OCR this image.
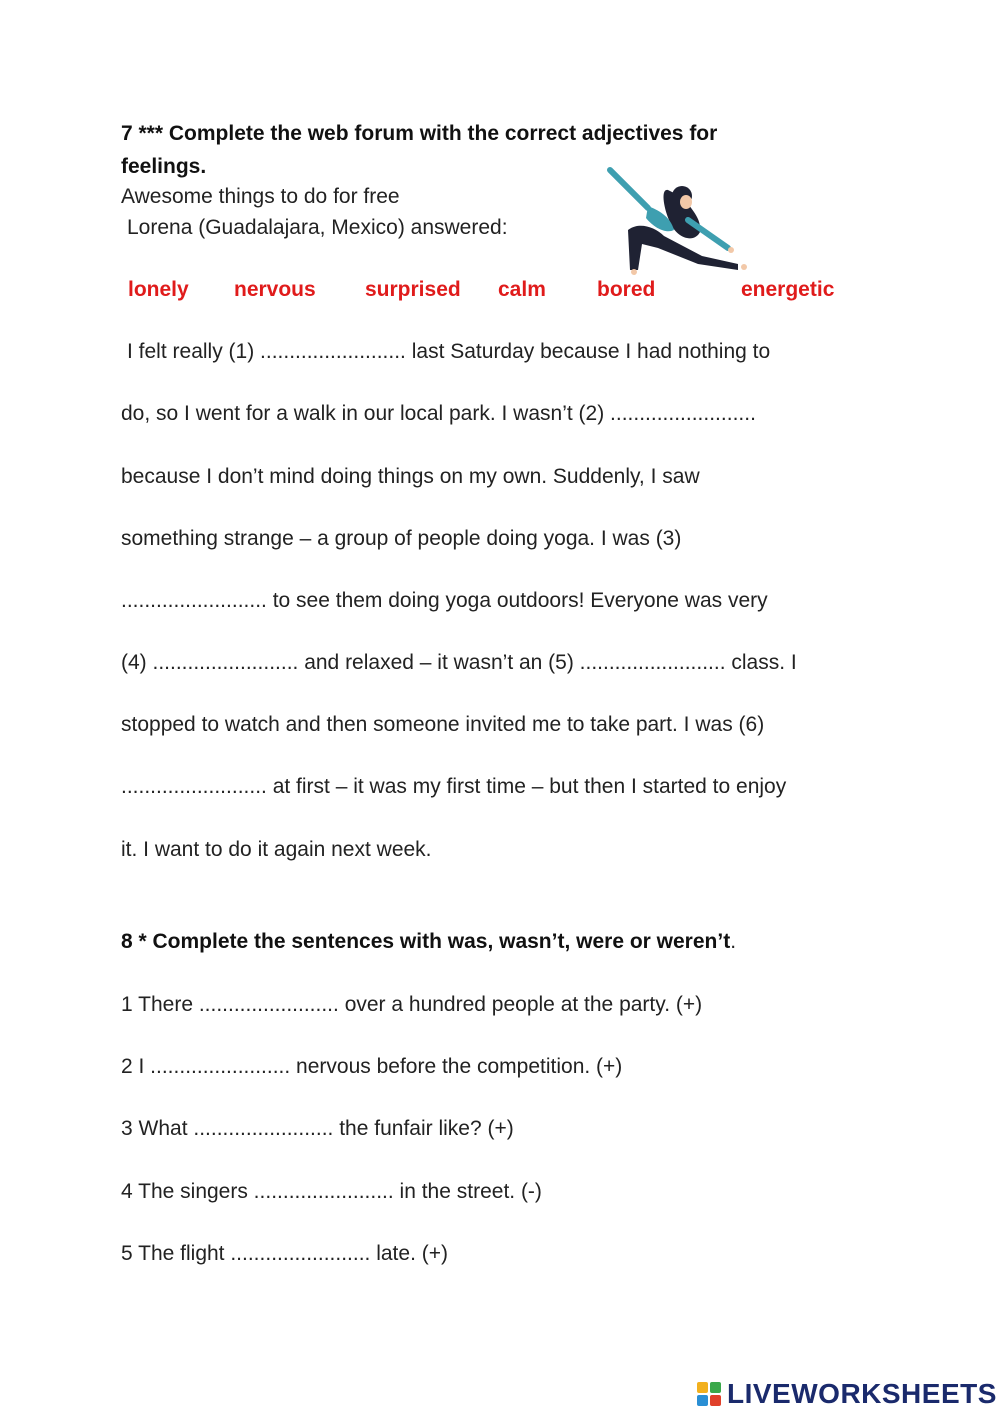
7 *** Complete the web forum with the correct adjectives for
feelings.
Awesome things to do for free
Lorena (Guadalajara, Mexico) answered:
lonely nervous surprised calm bored	energetic
I felt really (1) ......................... last Saturday because I had nothing to
do, so I went for a walk in our local park. I wasn’t (2) .........................
because I don’t mind doing things on my own. Suddenly, I saw
something strange – a group of people doing yoga. I was (3)
......................... to see them doing yoga outdoors! Everyone was very
(4) ......................... and relaxed – it wasn’t an (5) ......................... class. I
stopped to watch and then someone invited me to take part. I was (6)
......................... at first – it was my first time – but then I started to enjoy
it. I want to do it again next week.
8 * Complete the sentences with was, wasn’t, were or weren’t.
1 There ........................ over a hundred people at the party. (+)
2 I ........................ nervous before the competition. (+)
3 What ........................ the funfair like? (+)
4 The singers ........................ in the street. (-)
5 The flight ........................ late. (+)
LIVEWORKSHEETS
